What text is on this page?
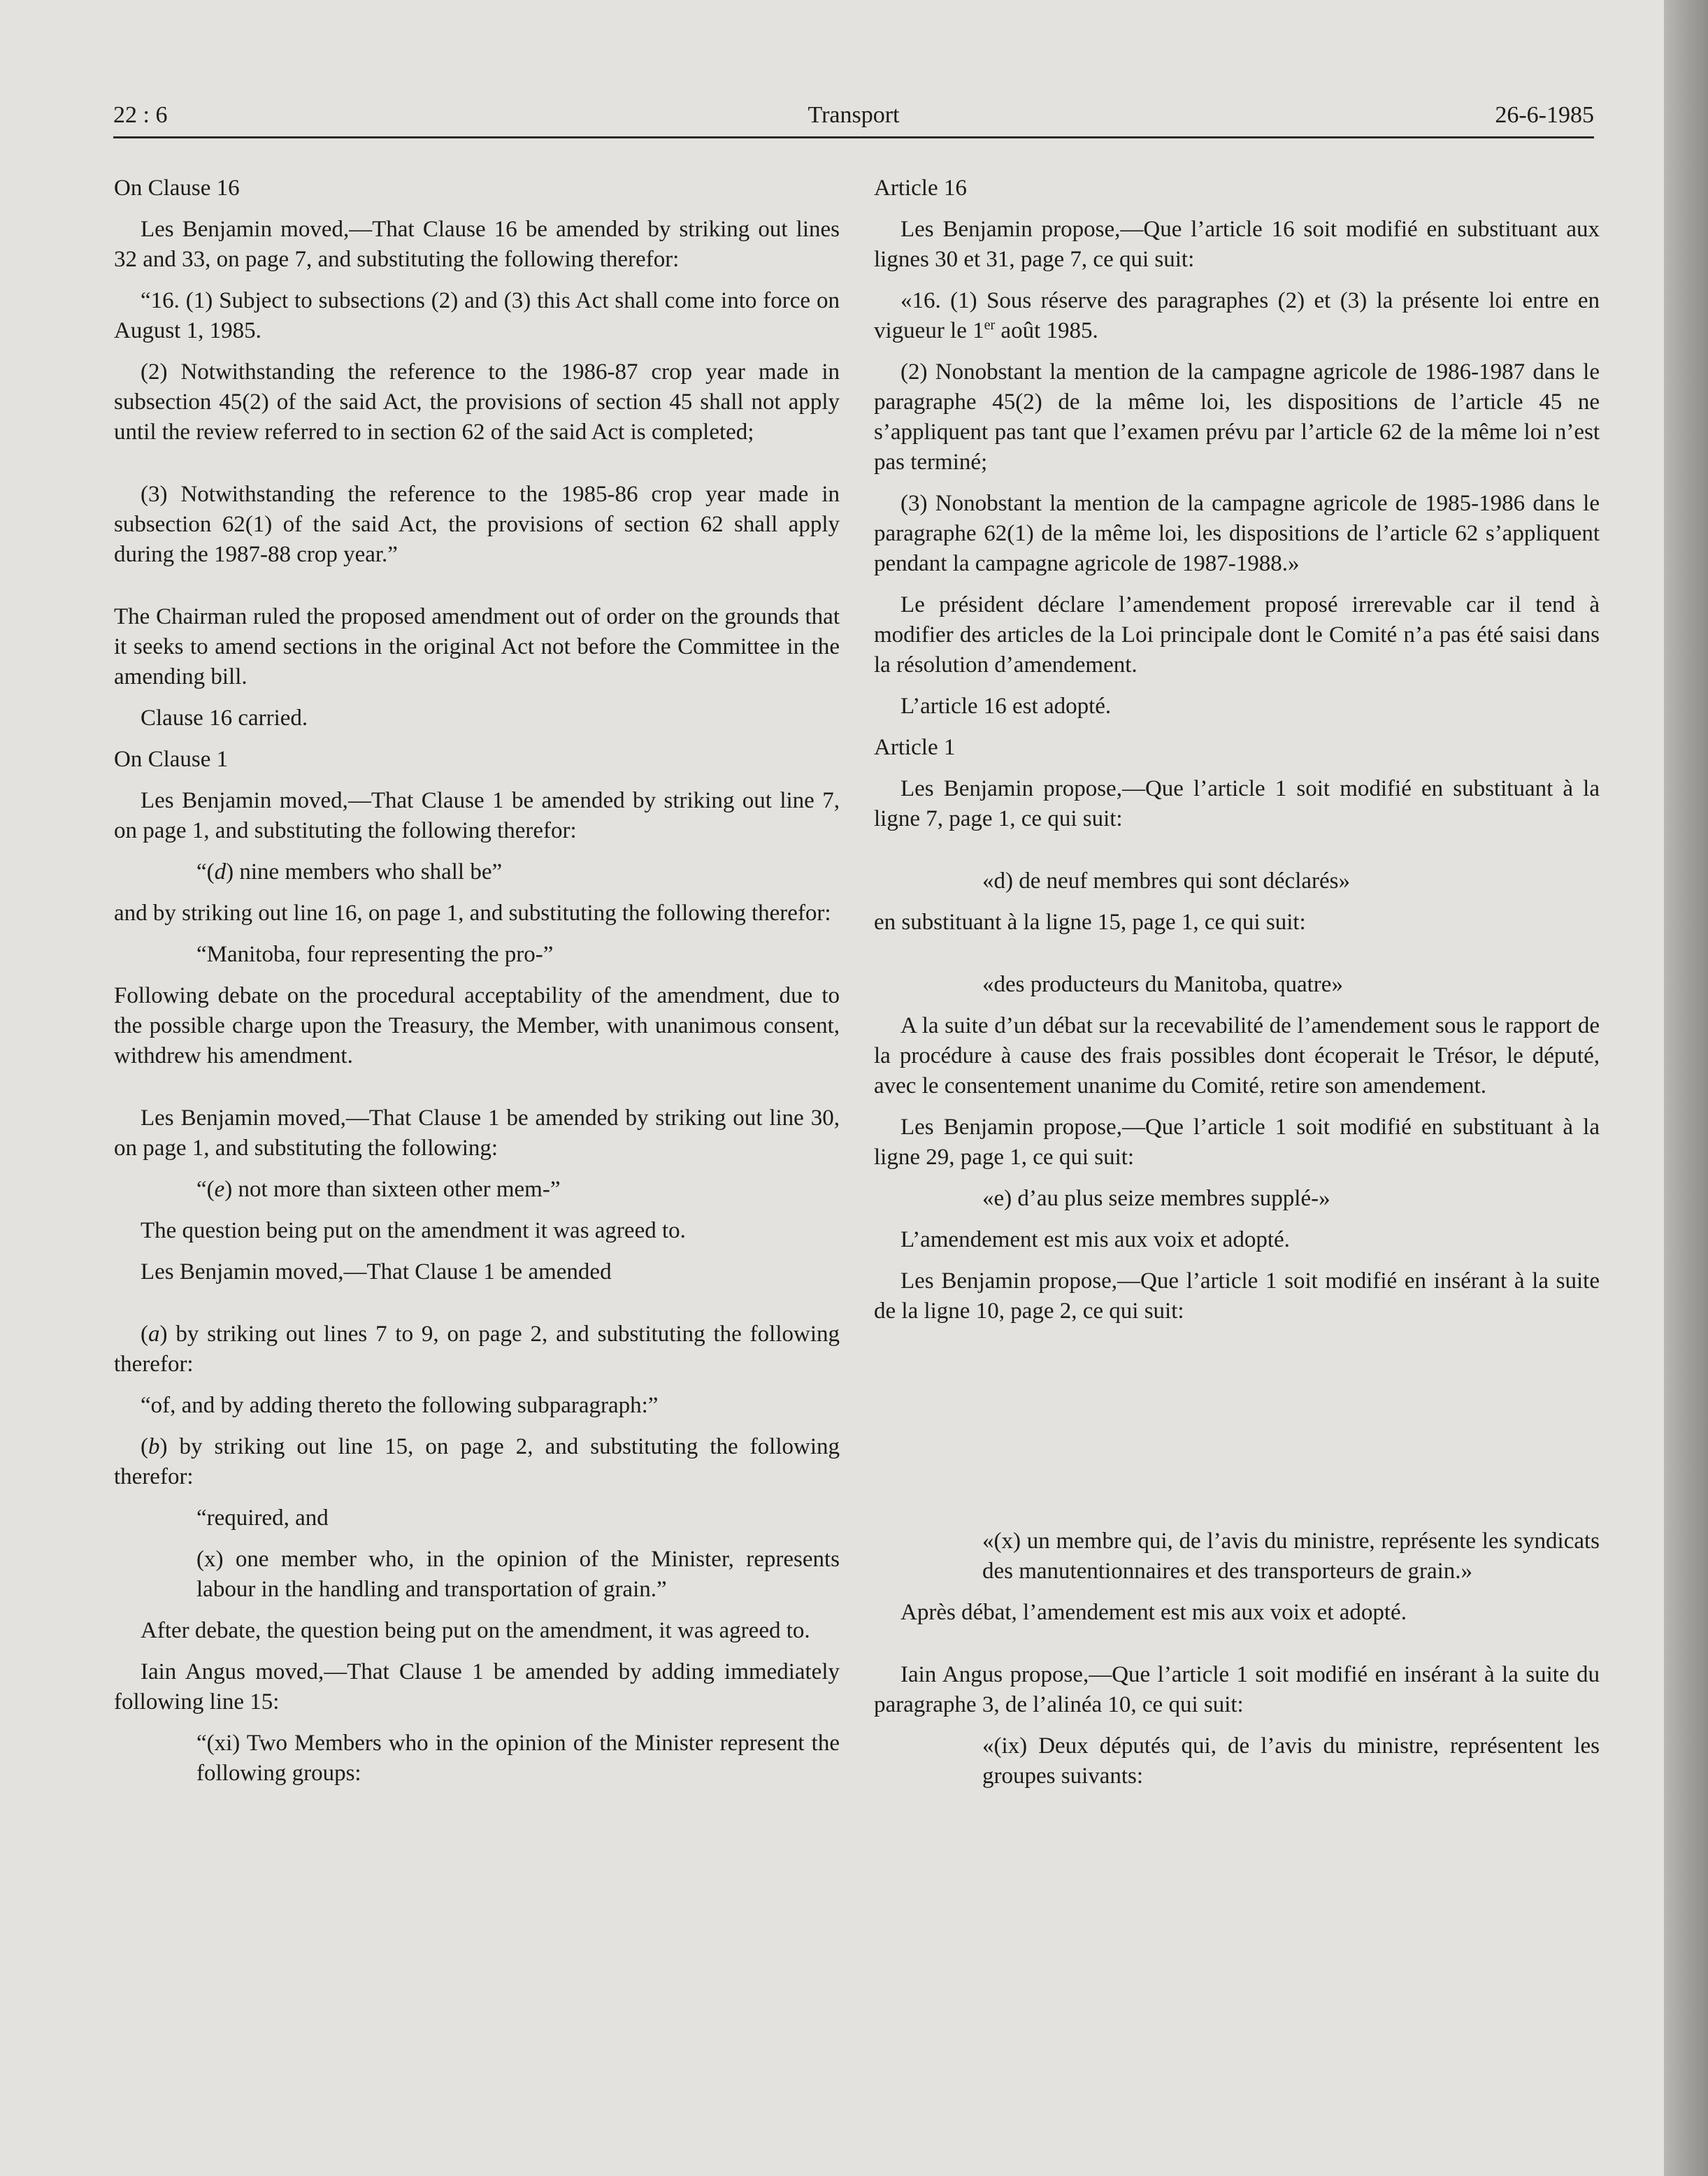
22 : 6	Transport	26-6-1985

On Clause 16

Les Benjamin moved,—That Clause 16 be amended by striking out lines 32 and 33, on page 7, and substituting the following therefor:

“16. (1) Subject to subsections (2) and (3) this Act shall come into force on August 1, 1985.

(2) Notwithstanding the reference to the 1986-87 crop year made in subsection 45(2) of the said Act, the provisions of section 45 shall not apply until the review referred to in section 62 of the said Act is completed;

(3) Notwithstanding the reference to the 1985-86 crop year made in subsection 62(1) of the said Act, the provisions of section 62 shall apply during the 1987-88 crop year.”

The Chairman ruled the proposed amendment out of order on the grounds that it seeks to amend sections in the original Act not before the Committee in the amending bill.

Clause 16 carried.

On Clause 1

Les Benjamin moved,—That Clause 1 be amended by striking out line 7, on page 1, and substituting the following therefor:

“(d) nine members who shall be”

and by striking out line 16, on page 1, and substituting the following therefor:

“Manitoba, four representing the pro-”

Following debate on the procedural acceptability of the amendment, due to the possible charge upon the Treasury, the Member, with unanimous consent, withdrew his amendment.

Les Benjamin moved,—That Clause 1 be amended by striking out line 30, on page 1, and substituting the following:

“(e) not more than sixteen other mem-”

The question being put on the amendment it was agreed to.

Les Benjamin moved,—That Clause 1 be amended

(a) by striking out lines 7 to 9, on page 2, and substituting the following therefor:

“of, and by adding thereto the following subparagraph:”

(b) by striking out line 15, on page 2, and substituting the following therefor:

“required, and

(x) one member who, in the opinion of the Minister, represents labour in the handling and transportation of grain.”

After debate, the question being put on the amendment, it was agreed to.

Iain Angus moved,—That Clause 1 be amended by adding immediately following line 15:

“(xi) Two Members who in the opinion of the Minister represent the following groups:

Article 16

Les Benjamin propose,—Que l’article 16 soit modifié en substituant aux lignes 30 et 31, page 7, ce qui suit:

«16. (1) Sous réserve des paragraphes (2) et (3) la présente loi entre en vigueur le 1er août 1985.

(2) Nonobstant la mention de la campagne agricole de 1986-1987 dans le paragraphe 45(2) de la même loi, les dispositions de l’article 45 ne s’appliquent pas tant que l’examen prévu par l’article 62 de la même loi n’est pas terminé;

(3) Nonobstant la mention de la campagne agricole de 1985-1986 dans le paragraphe 62(1) de la même loi, les dispositions de l’article 62 s’appliquent pendant la campagne agricole de 1987-1988.»

Le président déclare l’amendement proposé irrerevable car il tend à modifier des articles de la Loi principale dont le Comité n’a pas été saisi dans la résolution d’amendement.

L’article 16 est adopté.

Article 1

Les Benjamin propose,—Que l’article 1 soit modifié en substituant à la ligne 7, page 1, ce qui suit:

«d) de neuf membres qui sont déclarés»

en substituant à la ligne 15, page 1, ce qui suit:

«des producteurs du Manitoba, quatre»

A la suite d’un débat sur la recevabilité de l’amendement sous le rapport de la procédure à cause des frais possibles dont écoperait le Trésor, le député, avec le consentement unanime du Comité, retire son amendement.

Les Benjamin propose,—Que l’article 1 soit modifié en substituant à la ligne 29, page 1, ce qui suit:

«e) d’au plus seize membres supplé-»

L’amendement est mis aux voix et adopté.

Les Benjamin propose,—Que l’article 1 soit modifié en insérant à la suite de la ligne 10, page 2, ce qui suit:

«(x) un membre qui, de l’avis du ministre, représente les syndicats des manutentionnaires et des transporteurs de grain.»

Après débat, l’amendement est mis aux voix et adopté.

Iain Angus propose,—Que l’article 1 soit modifié en insérant à la suite du paragraphe 3, de l’alinéa 10, ce qui suit:

«(ix) Deux députés qui, de l’avis du ministre, représentent les groupes suivants:
